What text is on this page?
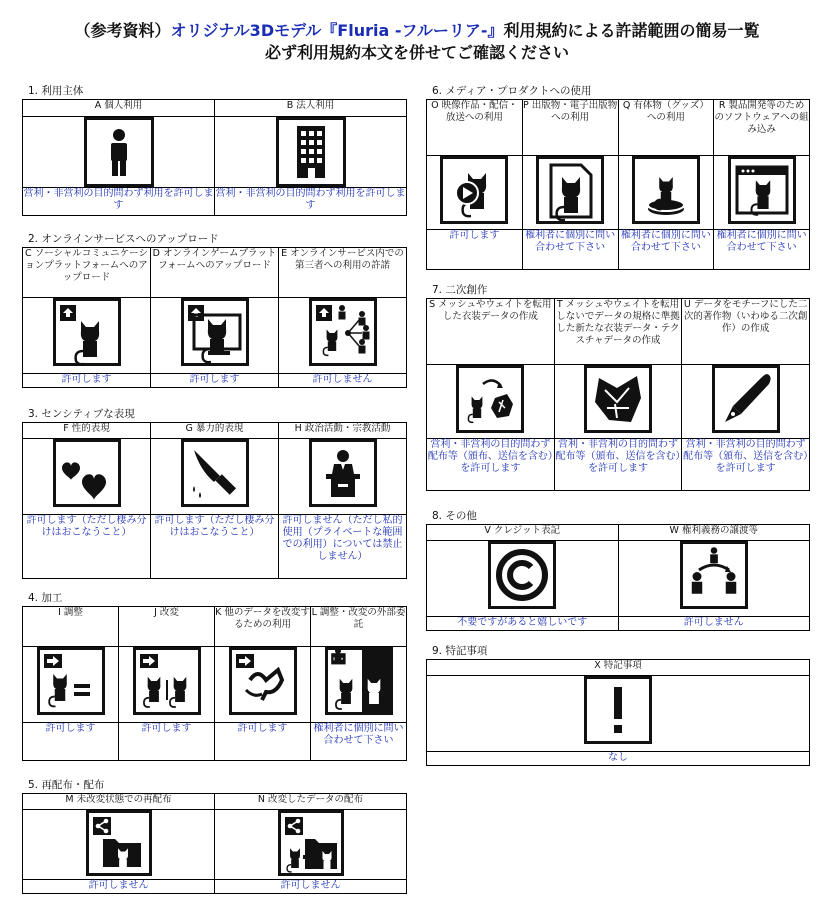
（参考資料）オリジナル3Dモデル『Fluria -フルーリア-』利用規約による許諾範囲の簡易一覧
必ず利用規約本文を併せてご確認ください
1. 利用主体
A 個人利用	B 法人利用

営利・非営利の目的問わず利用を許可します	営利・非営利の目的問わず利用を許可します
2. オンラインサービスへのアップロード
C ソーシャルコミュニケーションプラットフォームへのアップロード	D オンラインゲームプラットフォームへのアップロード	E オンラインサービス内での第三者への利用の許諾

許可します	許可します	許可しません
3. センシティブな表現
F 性的表現	G 暴力的表現	H 政治活動・宗教活動

許可します（ただし棲み分けはおこなうこと）	許可します（ただし棲み分けはおこなうこと）	許可しません（ただし私的使用（プライベートな範囲での利用）については禁止しません）
4. 加工
I 調整	J 改変	K 他のデータを改変するための利用	L 調整・改変の外部委託

許可します	許可します	許可します	権利者に個別に問い合わせて下さい
5. 再配布・配布
M 未改変状態での再配布	N 改変したデータの配布

許可しません	許可しません
6. メディア・プロダクトへの使用
O 映像作品・配信・放送への利用	P 出版物・電子出版物への利用	Q 有体物（グッズ）への利用	R 製品開発等のためのソフトウェアへの組み込み

許可します	権利者に個別に問い合わせて下さい	権利者に個別に問い合わせて下さい	権利者に個別に問い合わせて下さい
7. 二次創作
S メッシュやウェイトを転用した衣装データの作成	T メッシュやウェイトを転用しないでデータの規格に準拠した新たな衣装データ・テクスチャデータの作成	U データをモチーフにした二次的著作物（いわゆる二次創作）の作成

営利・非営利の目的問わず配布等（頒布、送信を含む）を許可します	営利・非営利の目的問わず配布等（頒布、送信を含む）を許可します	営利・非営利の目的問わず配布等（頒布、送信を含む）を許可します
8. その他
V クレジット表記	W 権利義務の譲渡等

不要ですがあると嬉しいです	許可しません
9. 特記事項
X 特記事項

なし
